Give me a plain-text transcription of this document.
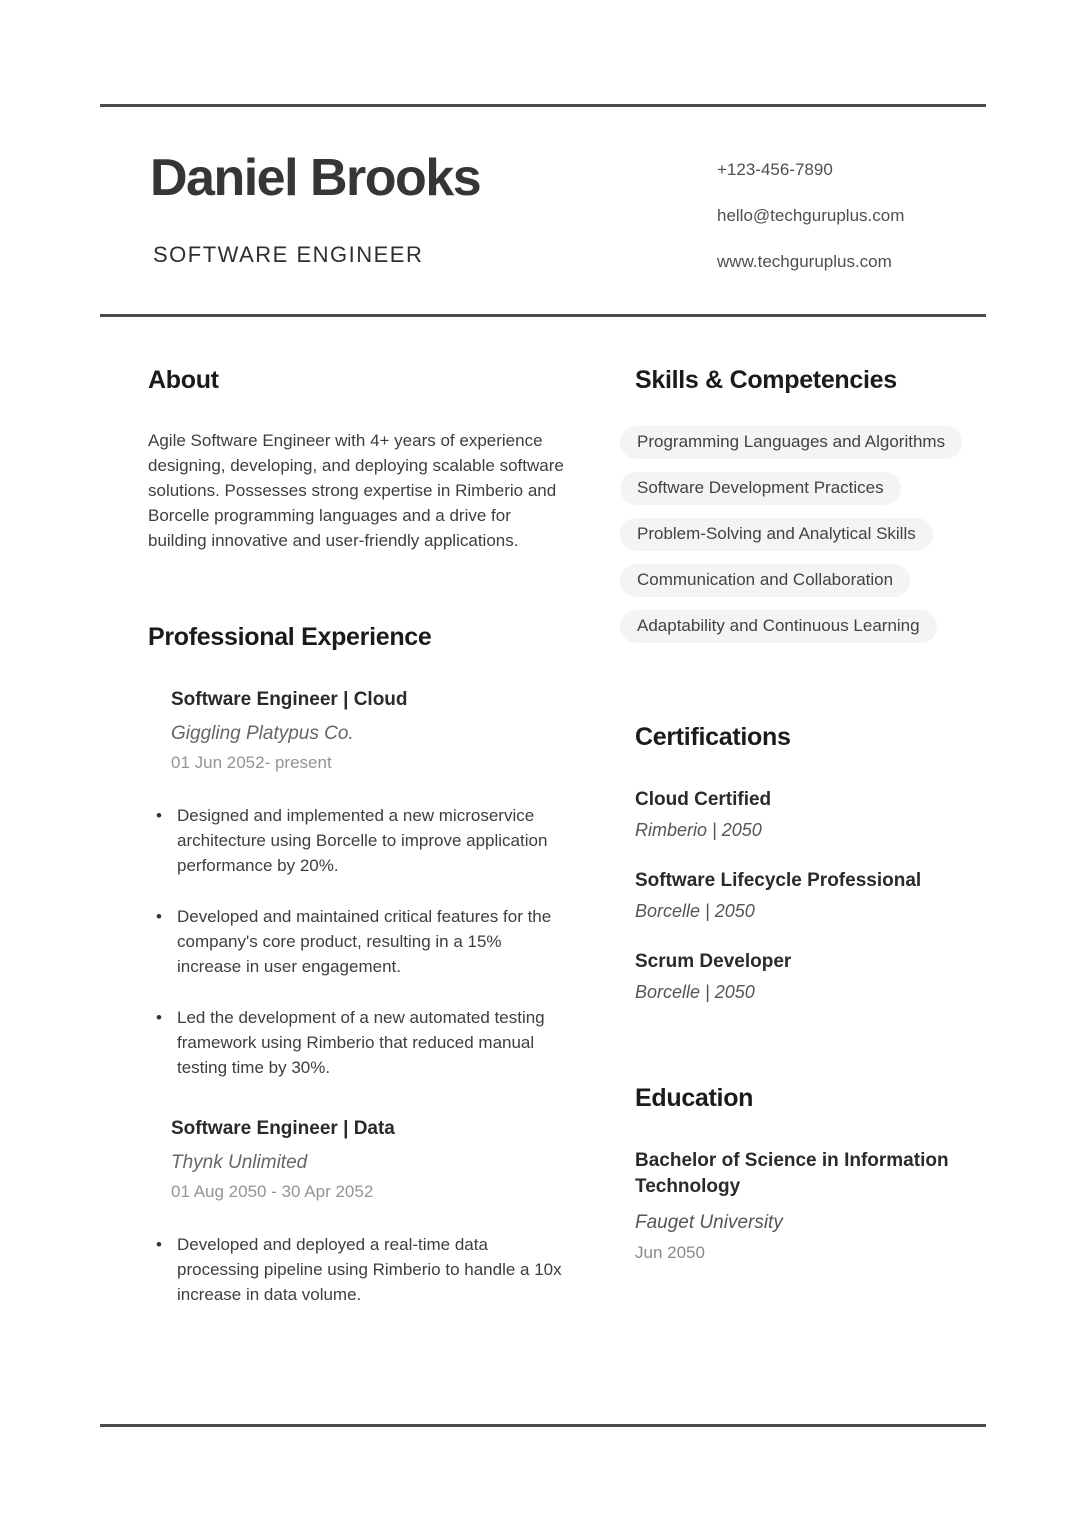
Daniel Brooks
SOFTWARE ENGINEER
+123-456-7890
hello@techguruplus.com
www.techguruplus.com
About

Agile Software Engineer with 4+ years of experience designing, developing, and deploying scalable software solutions. Possesses strong expertise in Rimberio and Borcelle programming languages and a drive for building innovative and user-friendly applications.

Professional Experience
Software Engineer | Cloud
Giggling Platypus Co.
01 Jun 2052- present
• Designed and implemented a new microservice architecture using Borcelle to improve application performance by 20%.
• Developed and maintained critical features for the company's core product, resulting in a 15% increase in user engagement.
• Led the development of a new automated testing framework using Rimberio that reduced manual testing time by 30%.
Software Engineer | Data
Thynk Unlimited
01 Aug 2050 - 30 Apr 2052
• Developed and deployed a real-time data processing pipeline using Rimberio to handle a 10x increase in data volume.
Skills & Competencies
Programming Languages and Algorithms
Software Development Practices
Problem-Solving and Analytical Skills
Communication and Collaboration
Adaptability and Continuous Learning
Certifications
Cloud Certified
Rimberio | 2050
Software Lifecycle Professional
Borcelle | 2050
Scrum Developer
Borcelle | 2050
Education
Bachelor of Science in Information Technology
Fauget University
Jun 2050
